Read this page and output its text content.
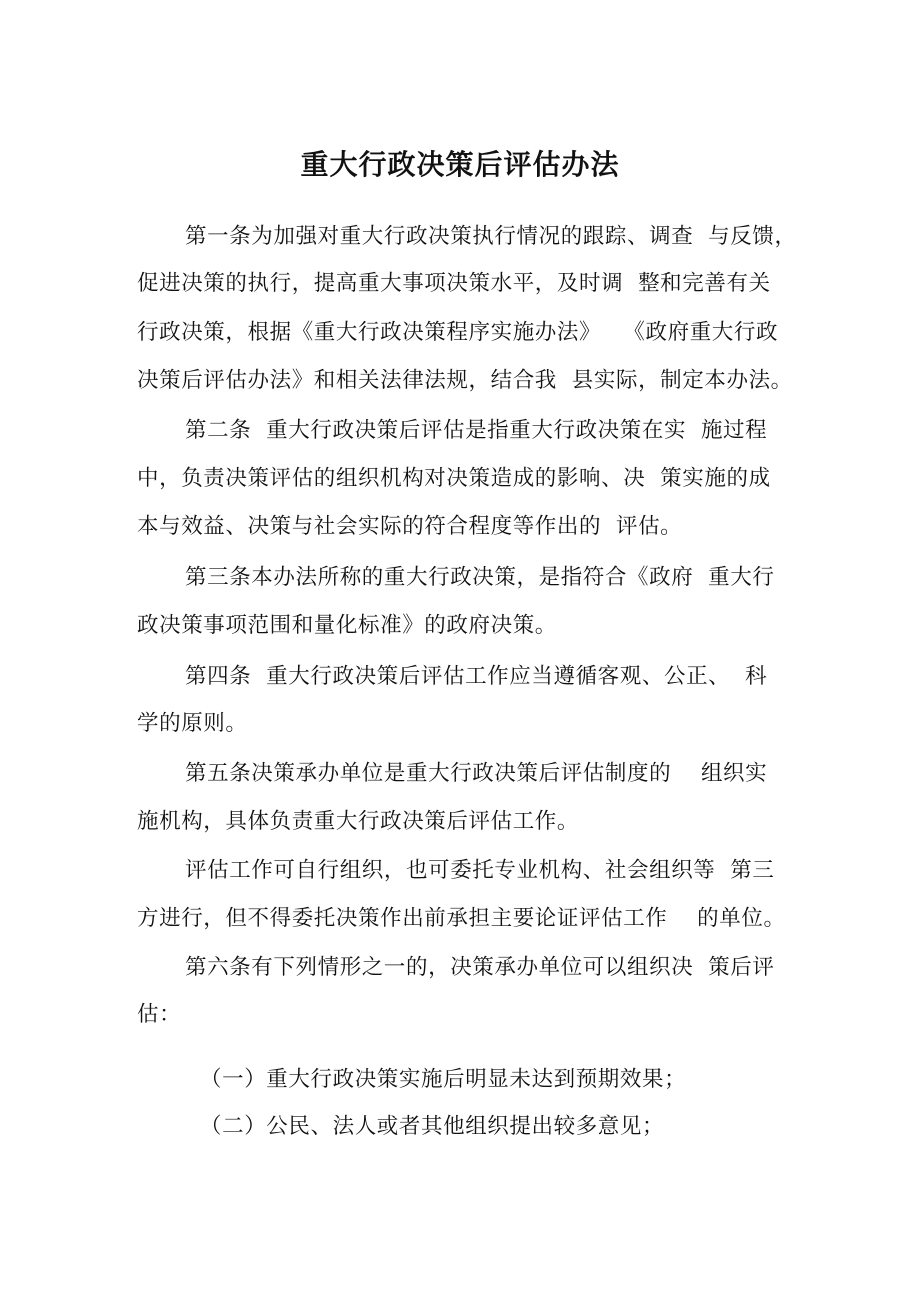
重大行政决策后评估办法
第一条为加强对重大行政决策执行情况的跟踪、调查  与反馈，
促进决策的执行，提高重大事项决策水平，及时调  整和完善有关
行政决策，根据《重大行政决策程序实施办法》   《政府重大行政
决策后评估办法》和相关法律法规，结合我  县实际，制定本办法。
第二条  重大行政决策后评估是指重大行政决策在实  施过程
中，负责决策评估的组织机构对决策造成的影响、决  策实施的成
本与效益、决策与社会实际的符合程度等作出的  评估。
第三条本办法所称的重大行政决策，是指符合《政府  重大行
政决策事项范围和量化标准》的政府决策。
第四条  重大行政决策后评估工作应当遵循客观、公正、  科
学的原则。
第五条决策承办单位是重大行政决策后评估制度的    组织实
施机构，具体负责重大行政决策后评估工作。
评估工作可自行组织，也可委托专业机构、社会组织等  第三
方进行，但不得委托决策作出前承担主要论证评估工作    的单位。
第六条有下列情形之一的，决策承办单位可以组织决  策后评
估：
（一）重大行政决策实施后明显未达到预期效果；
（二）公民、法人或者其他组织提出较多意见；
